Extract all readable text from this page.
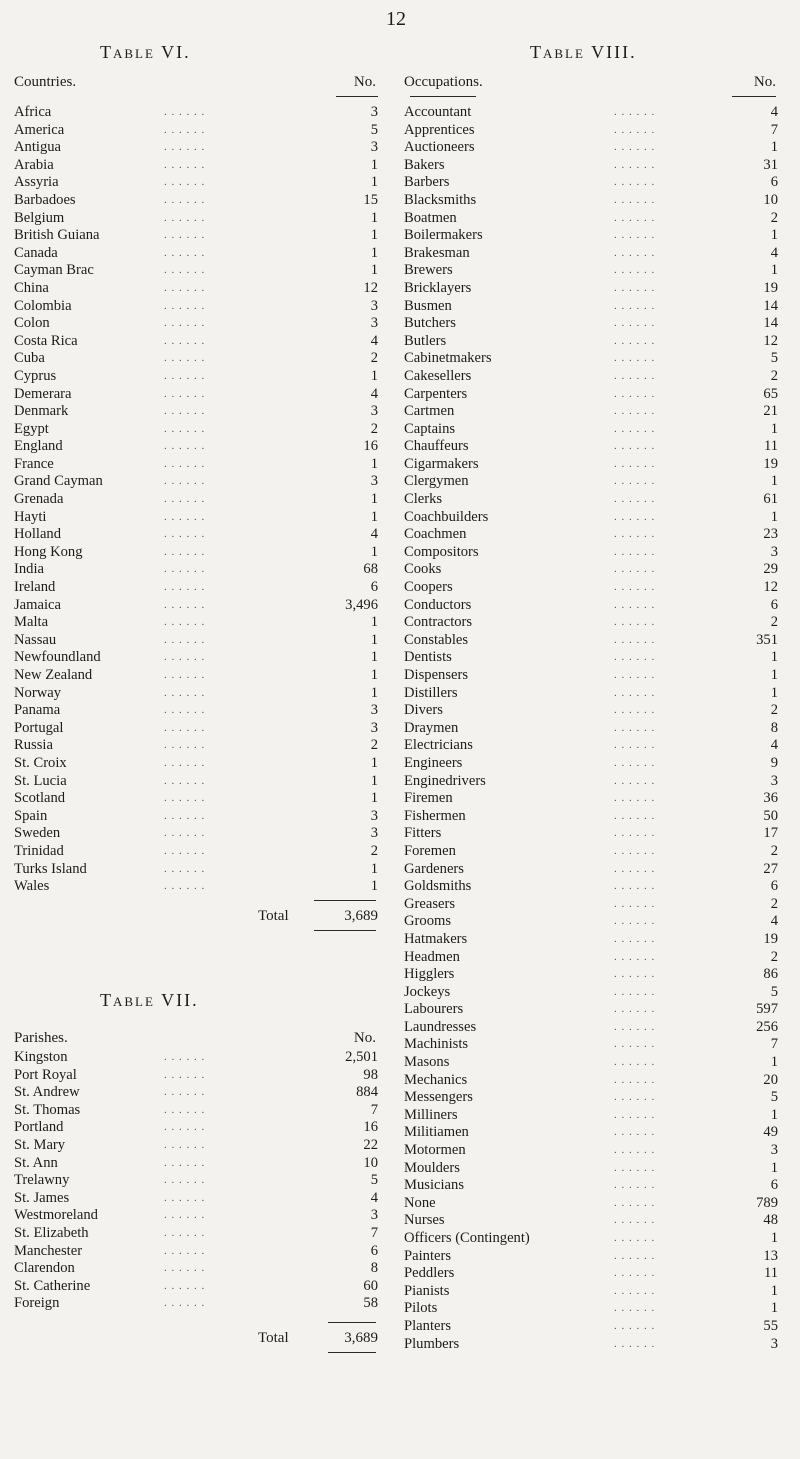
12
Table VI.
Countries.	No.
Africa	. . . . . .	3
America	. . . . . .	5
Antigua	. . . . . .	3
Arabia	. . . . . .	1
Assyria	. . . . . .	1
Barbadoes	. . . . . .	15
Belgium	. . . . . .	1
British Guiana	. . . . . .	1
Canada	. . . . . .	1
Cayman Brac	. . . . . .	1
China	. . . . . .	12
Colombia	. . . . . .	3
Colon	. . . . . .	3
Costa Rica	. . . . . .	4
Cuba	. . . . . .	2
Cyprus	. . . . . .	1
Demerara	. . . . . .	4
Denmark	. . . . . .	3
Egypt	. . . . . .	2
England	. . . . . .	16
France	. . . . . .	1
Grand Cayman	. . . . . .	3
Grenada	. . . . . .	1
Hayti	. . . . . .	1
Holland	. . . . . .	4
Hong Kong	. . . . . .	1
India	. . . . . .	68
Ireland	. . . . . .	6
Jamaica	. . . . . .	3,496
Malta	. . . . . .	1
Nassau	. . . . . .	1
Newfoundland	. . . . . .	1
New Zealand	. . . . . .	1
Norway	. . . . . .	1
Panama	. . . . . .	3
Portugal	. . . . . .	3
Russia	. . . . . .	2
St. Croix	. . . . . .	1
St. Lucia	. . . . . .	1
Scotland	. . . . . .	1
Spain	. . . . . .	3
Sweden	. . . . . .	3
Trinidad	. . . . . .	2
Turks Island	. . . . . .	1
Wales	. . . . . .	1
Total	3,689
Table VII.
Parishes.	No.
Kingston	. . . . . .	2,501
Port Royal	. . . . . .	98
St. Andrew	. . . . . .	884
St. Thomas	. . . . . .	7
Portland	. . . . . .	16
St. Mary	. . . . . .	22
St. Ann	. . . . . .	10
Trelawny	. . . . . .	5
St. James	. . . . . .	4
Westmoreland	. . . . . .	3
St. Elizabeth	. . . . . .	7
Manchester	. . . . . .	6
Clarendon	. . . . . .	8
St. Catherine	. . . . . .	60
Foreign	. . . . . .	58
Total	3,689
Table VIII.
Occupations.	No.
Accountant	. . . . . .	4
Apprentices	. . . . . .	7
Auctioneers	. . . . . .	1
Bakers	. . . . . .	31
Barbers	. . . . . .	6
Blacksmiths	. . . . . .	10
Boatmen	. . . . . .	2
Boilermakers	. . . . . .	1
Brakesman	. . . . . .	4
Brewers	. . . . . .	1
Bricklayers	. . . . . .	19
Busmen	. . . . . .	14
Butchers	. . . . . .	14
Butlers	. . . . . .	12
Cabinetmakers	. . . . . .	5
Cakesellers	. . . . . .	2
Carpenters	. . . . . .	65
Cartmen	. . . . . .	21
Captains	. . . . . .	1
Chauffeurs	. . . . . .	11
Cigarmakers	. . . . . .	19
Clergymen	. . . . . .	1
Clerks	. . . . . .	61
Coachbuilders	. . . . . .	1
Coachmen	. . . . . .	23
Compositors	. . . . . .	3
Cooks	. . . . . .	29
Coopers	. . . . . .	12
Conductors	. . . . . .	6
Contractors	. . . . . .	2
Constables	. . . . . .	351
Dentists	. . . . . .	1
Dispensers	. . . . . .	1
Distillers	. . . . . .	1
Divers	. . . . . .	2
Draymen	. . . . . .	8
Electricians	. . . . . .	4
Engineers	. . . . . .	9
Enginedrivers	. . . . . .	3
Firemen	. . . . . .	36
Fishermen	. . . . . .	50
Fitters	. . . . . .	17
Foremen	. . . . . .	2
Gardeners	. . . . . .	27
Goldsmiths	. . . . . .	6
Greasers	. . . . . .	2
Grooms	. . . . . .	4
Hatmakers	. . . . . .	19
Headmen	. . . . . .	2
Higglers	. . . . . .	86
Jockeys	. . . . . .	5
Labourers	. . . . . .	597
Laundresses	. . . . . .	256
Machinists	. . . . . .	7
Masons	. . . . . .	1
Mechanics	. . . . . .	20
Messengers	. . . . . .	5
Milliners	. . . . . .	1
Militiamen	. . . . . .	49
Motormen	. . . . . .	3
Moulders	. . . . . .	1
Musicians	. . . . . .	6
None	. . . . . .	789
Nurses	. . . . . .	48
Officers (Contingent)	. . . . . .	1
Painters	. . . . . .	13
Peddlers	. . . . . .	11
Pianists	. . . . . .	1
Pilots	. . . . . .	1
Planters	. . . . . .	55
Plumbers	. . . . . .	3
